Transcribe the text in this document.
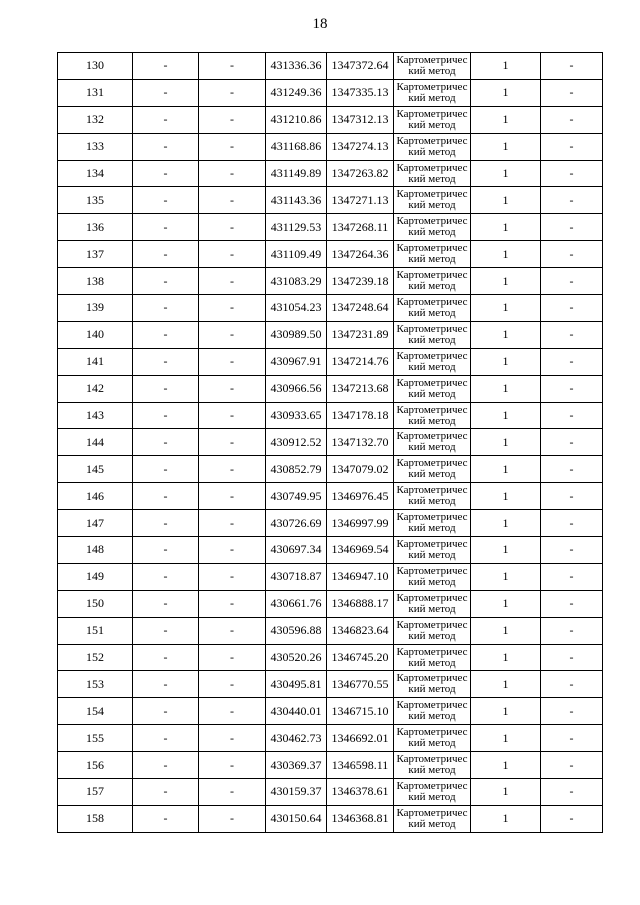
18
130	-	-	431336.36	1347372.64	Картометрический метод	1	-
131	-	-	431249.36	1347335.13	Картометрический метод	1	-
132	-	-	431210.86	1347312.13	Картометрический метод	1	-
133	-	-	431168.86	1347274.13	Картометрический метод	1	-
134	-	-	431149.89	1347263.82	Картометрический метод	1	-
135	-	-	431143.36	1347271.13	Картометрический метод	1	-
136	-	-	431129.53	1347268.11	Картометрический метод	1	-
137	-	-	431109.49	1347264.36	Картометрический метод	1	-
138	-	-	431083.29	1347239.18	Картометрический метод	1	-
139	-	-	431054.23	1347248.64	Картометрический метод	1	-
140	-	-	430989.50	1347231.89	Картометрический метод	1	-
141	-	-	430967.91	1347214.76	Картометрический метод	1	-
142	-	-	430966.56	1347213.68	Картометрический метод	1	-
143	-	-	430933.65	1347178.18	Картометрический метод	1	-
144	-	-	430912.52	1347132.70	Картометрический метод	1	-
145	-	-	430852.79	1347079.02	Картометрический метод	1	-
146	-	-	430749.95	1346976.45	Картометрический метод	1	-
147	-	-	430726.69	1346997.99	Картометрический метод	1	-
148	-	-	430697.34	1346969.54	Картометрический метод	1	-
149	-	-	430718.87	1346947.10	Картометрический метод	1	-
150	-	-	430661.76	1346888.17	Картометрический метод	1	-
151	-	-	430596.88	1346823.64	Картометрический метод	1	-
152	-	-	430520.26	1346745.20	Картометрический метод	1	-
153	-	-	430495.81	1346770.55	Картометрический метод	1	-
154	-	-	430440.01	1346715.10	Картометрический метод	1	-
155	-	-	430462.73	1346692.01	Картометрический метод	1	-
156	-	-	430369.37	1346598.11	Картометрический метод	1	-
157	-	-	430159.37	1346378.61	Картометрический метод	1	-
158	-	-	430150.64	1346368.81	Картометрический метод	1	-
